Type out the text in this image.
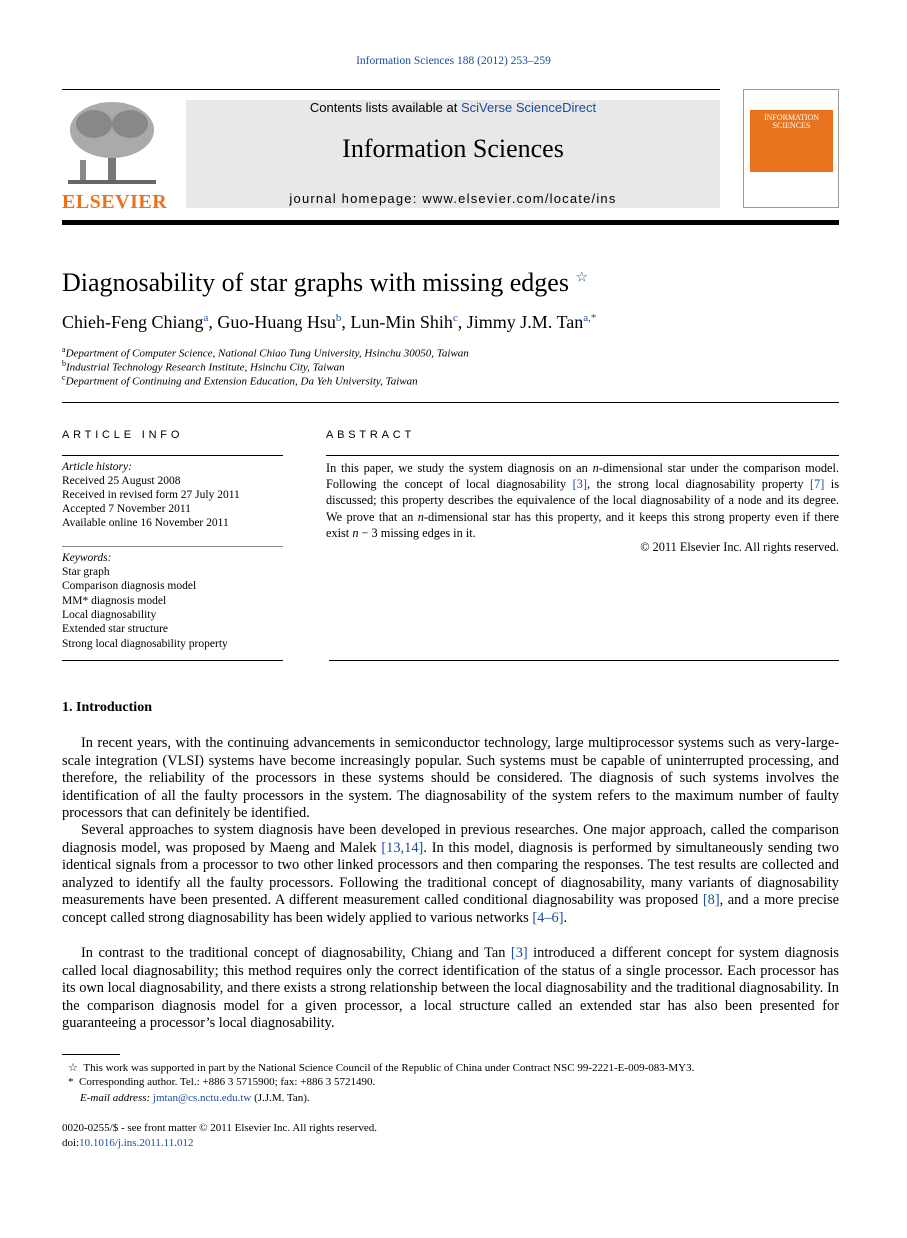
Information Sciences 188 (2012) 253–259
ELSEVIER
Contents lists available at SciVerse ScienceDirect
Information Sciences
journal homepage: www.elsevier.com/locate/ins
INFORMATION SCIENCES
Diagnosability of star graphs with missing edges ☆
Chieh-Feng Chiang$^a$, Guo-Huang Hsu$^b$, Lun-Min Shih$^c$, Jimmy J.M. Tan$^{a,*}$
$^a$Department of Computer Science, National Chiao Tung University, Hsinchu 30050, Taiwan
$^b$Industrial Technology Research Institute, Hsinchu City, Taiwan
$^c$Department of Continuing and Extension Education, Da Yeh University, Taiwan
ARTICLE INFO
Article history:
Received 25 August 2008
Received in revised form 27 July 2011
Accepted 7 November 2011
Available online 16 November 2011
Keywords:
Star graph
Comparison diagnosis model
MM* diagnosis model
Local diagnosability
Extended star structure
Strong local diagnosability property
ABSTRACT
In this paper, we study the system diagnosis on an n-dimensional star under the comparison model. Following the concept of local diagnosability [3], the strong local diagnosability property [7] is discussed; this property describes the equivalence of the local diagnosability of a node and its degree. We prove that an n-dimensional star has this property, and it keeps this strong property even if there exist n − 3 missing edges in it.
© 2011 Elsevier Inc. All rights reserved.
1. Introduction
In recent years, with the continuing advancements in semiconductor technology, large multiprocessor systems such as very-large-scale integration (VLSI) systems have become increasingly popular. Such systems must be capable of uninterrupted processing, and therefore, the reliability of the processors in these systems should be considered. The diagnosis of such systems involves the identification of all the faulty processors in the system. The diagnosability of the system refers to the maximum number of faulty processors that can definitely be identified.
Several approaches to system diagnosis have been developed in previous researches. One major approach, called the comparison diagnosis model, was proposed by Maeng and Malek [13,14]. In this model, diagnosis is performed by simultaneously sending two identical signals from a processor to two other linked processors and then comparing the responses. The test results are collected and analyzed to identify all the faulty processors. Following the traditional concept of diagnosability, many variants of diagnosability measurements have been presented. A different measurement called conditional diagnosability was proposed [8], and a more precise concept called strong diagnosability has been widely applied to various networks [4–6].
In contrast to the traditional concept of diagnosability, Chiang and Tan [3] introduced a different concept for system diagnosis called local diagnosability; this method requires only the correct identification of the status of a single processor. Each processor has its own local diagnosability, and there exists a strong relationship between the local diagnosability and the traditional diagnosability. In the comparison diagnosis model for a given processor, a local structure called an extended star has also been presented for guaranteeing a processor’s local diagnosability.
☆ This work was supported in part by the National Science Council of the Republic of China under Contract NSC 99-2221-E-009-083-MY3.
* Corresponding author. Tel.: +886 3 5715900; fax: +886 3 5721490.
E-mail address: jmtan@cs.nctu.edu.tw (J.J.M. Tan).
0020-0255/$ - see front matter © 2011 Elsevier Inc. All rights reserved.
doi:10.1016/j.ins.2011.11.012
